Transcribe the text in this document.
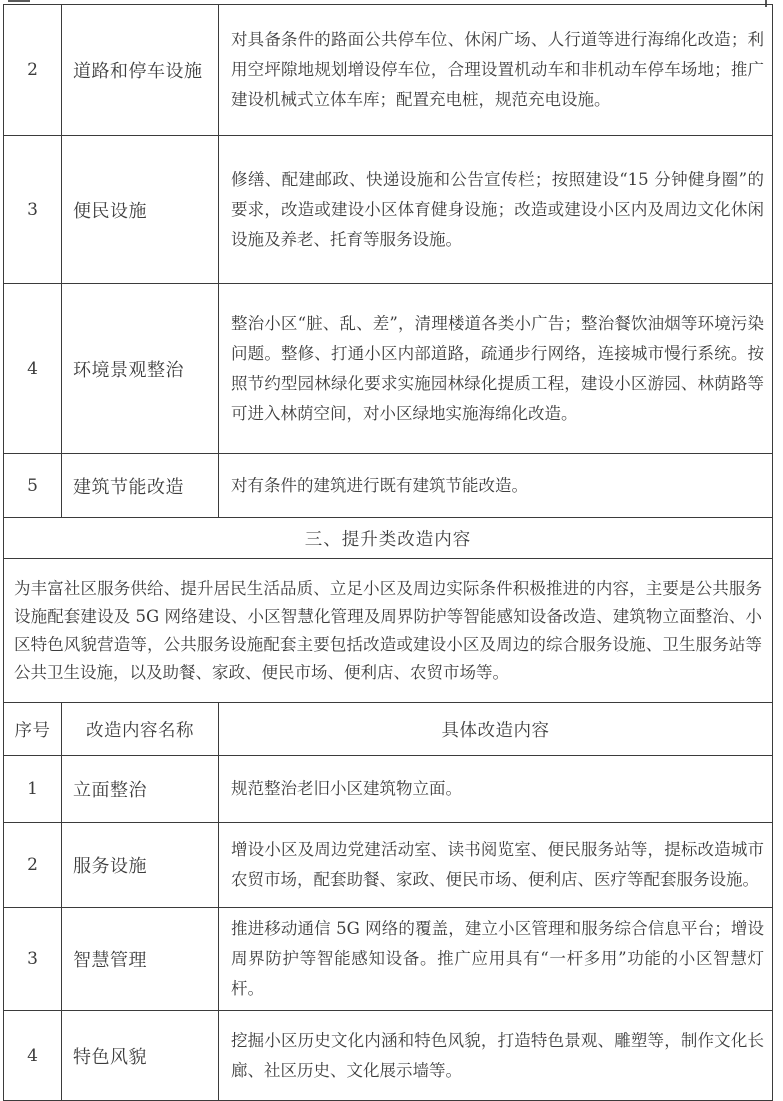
2	道路和停车设施	对具备条件的路面公共停车位、休闲广场、人行道等进行海绵化改造；利用空坪隙地规划增设停车位，合理设置机动车和非机动车停车场地；推广建设机械式立体车库；配置充电桩，规范充电设施。
3	便民设施	修缮、配建邮政、快递设施和公告宣传栏；按照建设“15 分钟健身圈”的要求，改造或建设小区体育健身设施；改造或建设小区内及周边文化休闲设施及养老、托育等服务设施。
4	环境景观整治	整治小区“脏、乱、差”，清理楼道各类小广告；整治餐饮油烟等环境污染问题。整修、打通小区内部道路，疏通步行网络，连接城市慢行系统。按照节约型园林绿化要求实施园林绿化提质工程，建设小区游园、林荫路等可进入林荫空间，对小区绿地实施海绵化改造。
5	建筑节能改造	对有条件的建筑进行既有建筑节能改造。
三、提升类改造内容		
为丰富社区服务供给、提升居民生活品质、立足小区及周边实际条件积极推进的内容，主要是公共服务设施配套建设及 5G 网络建设、小区智慧化管理及周界防护等智能感知设备改造、建筑物立面整治、小区特色风貌营造等，公共服务设施配套主要包括改造或建设小区及周边的综合服务设施、卫生服务站等公共卫生设施，以及助餐、家政、便民市场、便利店、农贸市场等。		
序号	改造内容名称	具体改造内容
1	立面整治	规范整治老旧小区建筑物立面。
2	服务设施	增设小区及周边党建活动室、读书阅览室、便民服务站等，提标改造城市农贸市场，配套助餐、家政、便民市场、便利店、医疗等配套服务设施。
3	智慧管理	推进移动通信 5G 网络的覆盖，建立小区管理和服务综合信息平台；增设周界防护等智能感知设备。推广应用具有“一杆多用”功能的小区智慧灯杆。
4	特色风貌	挖掘小区历史文化内涵和特色风貌，打造特色景观、雕塑等，制作文化长廊、社区历史、文化展示墙等。
